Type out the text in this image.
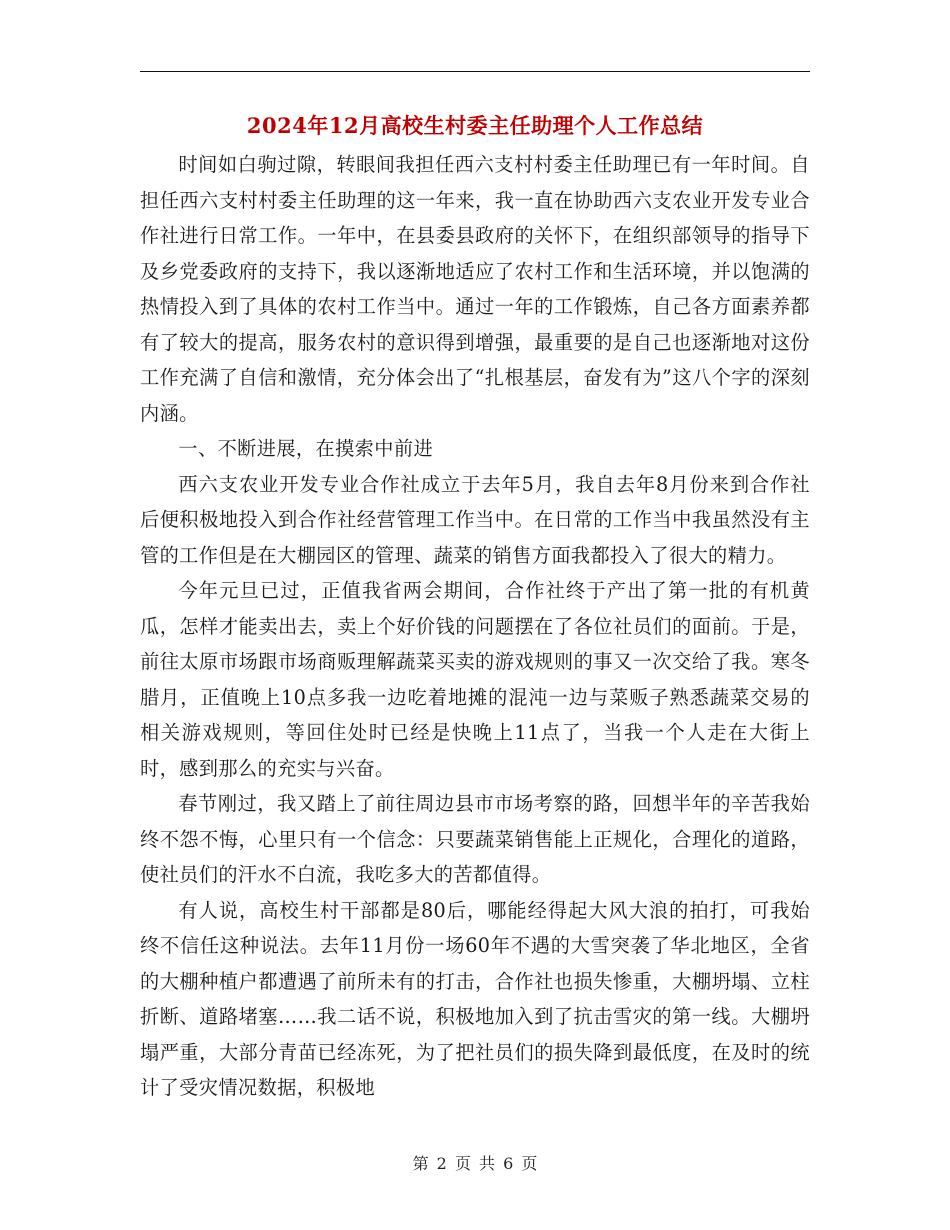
2024年12月高校生村委主任助理个人工作总结

时间如白驹过隙，转眼间我担任西六支村村委主任助理已有一年时间。自担任西六支村村委主任助理的这一年来，我一直在协助西六支农业开发专业合作社进行日常工作。一年中，在县委县政府的关怀下，在组织部领导的指导下及乡党委政府的支持下，我以逐渐地适应了农村工作和生活环境，并以饱满的热情投入到了具体的农村工作当中。通过一年的工作锻炼，自己各方面素养都有了较大的提高，服务农村的意识得到增强，最重要的是自己也逐渐地对这份工作充满了自信和激情，充分体会出了“扎根基层，奋发有为”这八个字的深刻内涵。

一、不断进展，在摸索中前进

西六支农业开发专业合作社成立于去年5月，我自去年8月份来到合作社后便积极地投入到合作社经营管理工作当中。在日常的工作当中我虽然没有主管的工作但是在大棚园区的管理、蔬菜的销售方面我都投入了很大的精力。

今年元旦已过，正值我省两会期间，合作社终于产出了第一批的有机黄瓜，怎样才能卖出去，卖上个好价钱的问题摆在了各位社员们的面前。于是，前往太原市场跟市场商贩理解蔬菜买卖的游戏规则的事又一次交给了我。寒冬腊月，正值晚上10点多我一边吃着地摊的混沌一边与菜贩子熟悉蔬菜交易的相关游戏规则，等回住处时已经是快晚上11点了，当我一个人走在大街上时，感到那么的充实与兴奋。

春节刚过，我又踏上了前往周边县市市场考察的路，回想半年的辛苦我始终不怨不悔，心里只有一个信念：只要蔬菜销售能上正规化，合理化的道路，使社员们的汗水不白流，我吃多大的苦都值得。

有人说，高校生村干部都是80后，哪能经得起大风大浪的拍打，可我始终不信任这种说法。去年11月份一场60年不遇的大雪突袭了华北地区，全省的大棚种植户都遭遇了前所未有的打击，合作社也损失惨重，大棚坍塌、立柱折断、道路堵塞……我二话不说，积极地加入到了抗击雪灾的第一线。大棚坍塌严重，大部分青苗已经冻死，为了把社员们的损失降到最低度，在及时的统计了受灾情况数据，积极地

第 2 页 共 6 页
